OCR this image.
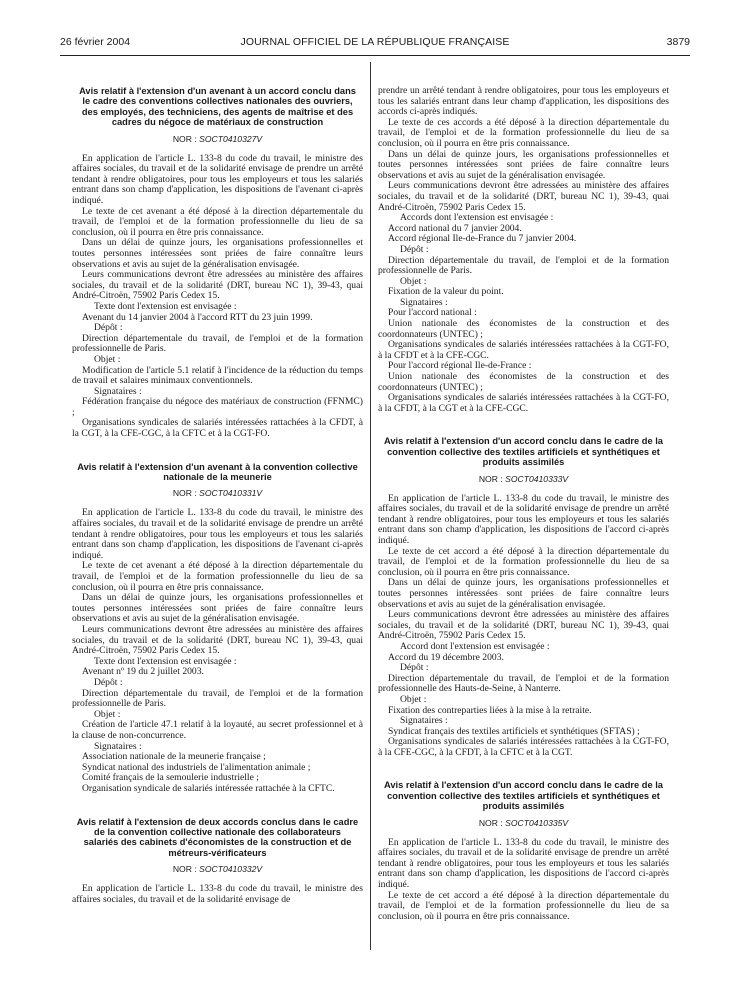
26 février 2004	JOURNAL OFFICIEL DE LA RÉPUBLIQUE FRANÇAISE	3879
Avis relatif à l'extension d'un avenant à un accord conclu dans le cadre des conventions collectives nationales des ouvriers, des employés, des techniciens, des agents de maîtrise et des cadres du négoce de matériaux de construction
NOR : SOCT0410327V

En application de l'article L. 133-8 du code du travail, le ministre des affaires sociales, du travail et de la solidarité envisage de prendre un arrêté tendant à rendre obligatoires, pour tous les employeurs et tous les salariés entrant dans son champ d'application, les dispositions de l'avenant ci-après indiqué.

Le texte de cet avenant a été déposé à la direction départementale du travail, de l'emploi et de la formation professionnelle du lieu de sa conclusion, où il pourra en être pris connaissance.

Dans un délai de quinze jours, les organisations professionnelles et toutes personnes intéressées sont priées de faire connaître leurs observations et avis au sujet de la généralisation envisagée.

Leurs communications devront être adressées au ministère des affaires sociales, du travail et de la solidarité (DRT, bureau NC 1), 39-43, quai André-Citroën, 75902 Paris Cedex 15.

Texte dont l'extension est envisagée :

Avenant du 14 janvier 2004 à l'accord RTT du 23 juin 1999.

Dépôt :

Direction départementale du travail, de l'emploi et de la formation professionnelle de Paris.

Objet :

Modification de l'article 5.1 relatif à l'incidence de la réduction du temps de travail et salaires minimaux conventionnels.

Signataires :

Fédération française du négoce des matériaux de construction (FFNMC) ;

Organisations syndicales de salariés intéressées rattachées à la CFDT, à la CGT, à la CFE-CGC, à la CFTC et à la CGT-FO.

Avis relatif à l'extension d'un avenant à la convention collective nationale de la meunerie
NOR : SOCT0410331V

En application de l'article L. 133-8 du code du travail, le ministre des affaires sociales, du travail et de la solidarité envisage de prendre un arrêté tendant à rendre obligatoires, pour tous les employeurs et tous les salariés entrant dans son champ d'application, les dispositions de l'avenant ci-après indiqué.

Le texte de cet avenant a été déposé à la direction départementale du travail, de l'emploi et de la formation professionnelle du lieu de sa conclusion, où il pourra en être pris connaissance.

Dans un délai de quinze jours, les organisations professionnelles et toutes personnes intéressées sont priées de faire connaître leurs observations et avis au sujet de la généralisation envisagée.

Leurs communications devront être adressées au ministère des affaires sociales, du travail et de la solidarité (DRT, bureau NC 1), 39-43, quai André-Citroën, 75902 Paris Cedex 15.

Texte dont l'extension est envisagée :

Avenant nº 19 du 2 juillet 2003.

Dépôt :

Direction départementale du travail, de l'emploi et de la formation professionnelle de Paris.

Objet :

Création de l'article 47.1 relatif à la loyauté, au secret professionnel et à la clause de non-concurrence.

Signataires :

Association nationale de la meunerie française ;

Syndicat national des industriels de l'alimentation animale ;

Comité français de la semoulerie industrielle ;

Organisation syndicale de salariés intéressée rattachée à la CFTC.

Avis relatif à l'extension de deux accords conclus dans le cadre de la convention collective nationale des collaborateurs salariés des cabinets d'économistes de la construction et de métreurs-vérificateurs
NOR : SOCT0410332V

En application de l'article L. 133-8 du code du travail, le ministre des affaires sociales, du travail et de la solidarité envisage de

prendre un arrêté tendant à rendre obligatoires, pour tous les employeurs et tous les salariés entrant dans leur champ d'application, les dispositions des accords ci-après indiqués.

Le texte de ces accords a été déposé à la direction départementale du travail, de l'emploi et de la formation professionnelle du lieu de sa conclusion, où il pourra en être pris connaissance.

Dans un délai de quinze jours, les organisations professionnelles et toutes personnes intéressées sont priées de faire connaître leurs observations et avis au sujet de la généralisation envisagée.

Leurs communications devront être adressées au ministère des affaires sociales, du travail et de la solidarité (DRT, bureau NC 1), 39-43, quai André-Citroën, 75902 Paris Cedex 15.

Accords dont l'extension est envisagée :

Accord national du 7 janvier 2004.

Accord régional Ile-de-France du 7 janvier 2004.

Dépôt :

Direction départementale du travail, de l'emploi et de la formation professionnelle de Paris.

Objet :

Fixation de la valeur du point.

Signataires :

Pour l'accord national :

Union nationale des économistes de la construction et des coordonnateurs (UNTEC) ;

Organisations syndicales de salariés intéressées rattachées à la CGT-FO, à la CFDT et à la CFE-CGC.

Pour l'accord régional Ile-de-France :

Union nationale des économistes de la construction et des coordonnateurs (UNTEC) ;

Organisations syndicales de salariés intéressées rattachées à la CGT-FO, à la CFDT, à la CGT et à la CFE-CGC.

Avis relatif à l'extension d'un accord conclu dans le cadre de la convention collective des textiles artificiels et synthétiques et produits assimilés
NOR : SOCT0410333V

En application de l'article L. 133-8 du code du travail, le ministre des affaires sociales, du travail et de la solidarité envisage de prendre un arrêté tendant à rendre obligatoires, pour tous les employeurs et tous les salariés entrant dans son champ d'application, les dispositions de l'accord ci-après indiqué.

Le texte de cet accord a été déposé à la direction départementale du travail, de l'emploi et de la formation professionnelle du lieu de sa conclusion, où il pourra en être pris connaissance.

Dans un délai de quinze jours, les organisations professionnelles et toutes personnes intéressées sont priées de faire connaître leurs observations et avis au sujet de la généralisation envisagée.

Leurs communications devront être adressées au ministère des affaires sociales, du travail et de la solidarité (DRT, bureau NC 1), 39-43, quai André-Citroën, 75902 Paris Cedex 15.

Accord dont l'extension est envisagée :

Accord du 19 décembre 2003.

Dépôt :

Direction départementale du travail, de l'emploi et de la formation professionnelle des Hauts-de-Seine, à Nanterre.

Objet :

Fixation des contreparties liées à la mise à la retraite.

Signataires :

Syndicat français des textiles artificiels et synthétiques (SFTAS) ;

Organisations syndicales de salariés intéressées rattachées à la CGT-FO, à la CFE-CGC, à la CFDT, à la CFTC et à la CGT.

Avis relatif à l'extension d'un accord conclu dans le cadre de la convention collective des textiles artificiels et synthétiques et produits assimilés
NOR : SOCT0410335V

En application de l'article L. 133-8 du code du travail, le ministre des affaires sociales, du travail et de la solidarité envisage de prendre un arrêté tendant à rendre obligatoires, pour tous les employeurs et tous les salariés entrant dans son champ d'application, les dispositions de l'accord ci-après indiqué.

Le texte de cet accord a été déposé à la direction départementale du travail, de l'emploi et de la formation professionnelle du lieu de sa conclusion, où il pourra en être pris connaissance.
